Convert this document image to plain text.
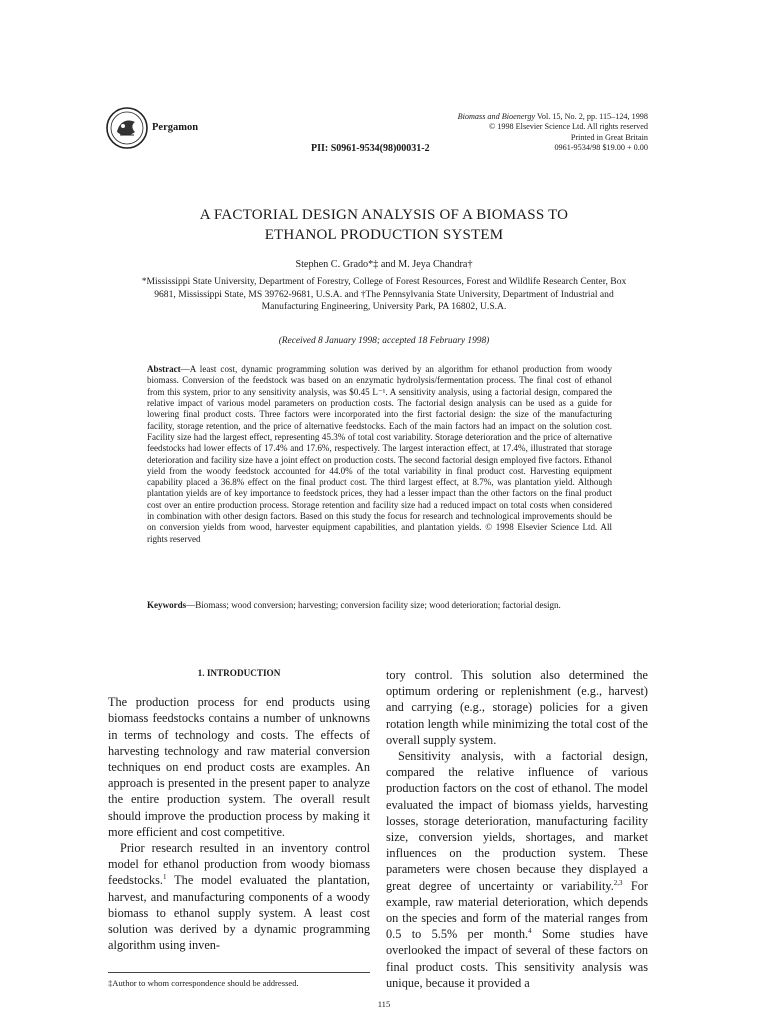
Pergamon
PII: S0961-9534(98)00031-2
Biomass and Bioenergy Vol. 15, No. 2, pp. 115–124, 1998
© 1998 Elsevier Science Ltd. All rights reserved
Printed in Great Britain
0961-9534/98 $19.00 + 0.00
A FACTORIAL DESIGN ANALYSIS OF A BIOMASS TO
ETHANOL PRODUCTION SYSTEM
Stephen C. Grado*‡ and M. Jeya Chandra†
*Mississippi State University, Department of Forestry, College of Forest Resources, Forest and Wildlife Research Center, Box 9681, Mississippi State, MS 39762-9681, U.S.A. and †The Pennsylvania State University, Department of Industrial and Manufacturing Engineering, University Park, PA 16802, U.S.A.
(Received 8 January 1998; accepted 18 February 1998)
Abstract—A least cost, dynamic programming solution was derived by an algorithm for ethanol production from woody biomass. Conversion of the feedstock was based on an enzymatic hydrolysis/fermentation process. The final cost of ethanol from this system, prior to any sensitivity analysis, was $0.45 L⁻¹. A sensitivity analysis, using a factorial design, compared the relative impact of various model parameters on production costs. The factorial design analysis can be used as a guide for lowering final product costs. Three factors were incorporated into the first factorial design: the size of the manufacturing facility, storage retention, and the price of alternative feedstocks. Each of the main factors had an impact on the solution cost. Facility size had the largest effect, representing 45.3% of total cost variability. Storage deterioration and the price of alternative feedstocks had lower effects of 17.4% and 17.6%, respectively. The largest interaction effect, at 17.4%, illustrated that storage deterioration and facility size have a joint effect on production costs. The second factorial design employed five factors. Ethanol yield from the woody feedstock accounted for 44.0% of the total variability in final product cost. Harvesting equipment capability placed a 36.8% effect on the final product cost. The third largest effect, at 8.7%, was plantation yield. Although plantation yields are of key importance to feedstock prices, they had a lesser impact than the other factors on the final product cost over an entire production process. Storage retention and facility size had a reduced impact on total costs when considered in combination with other design factors. Based on this study the focus for research and technological improvements should be on conversion yields from wood, harvester equipment capabilities, and plantation yields. © 1998 Elsevier Science Ltd. All rights reserved
Keywords—Biomass; wood conversion; harvesting; conversion facility size; wood deterioration; factorial design.

1. INTRODUCTION

The production process for end products using biomass feedstocks contains a number of unknowns in terms of technology and costs. The effects of harvesting technology and raw material conversion techniques on end product costs are examples. An approach is presented in the present paper to analyze the entire production system. The overall result should improve the production process by making it more efficient and cost competitive.

Prior research resulted in an inventory control model for ethanol production from woody biomass feedstocks.$^1$ The model evaluated the plantation, harvest, and manufacturing components of a woody biomass to ethanol supply system. A least cost solution was derived by a dynamic programming algorithm using inven-

tory control. This solution also determined the optimum ordering or replenishment (e.g., harvest) and carrying (e.g., storage) policies for a given rotation length while minimizing the total cost of the overall supply system.

Sensitivity analysis, with a factorial design, compared the relative influence of various production factors on the cost of ethanol. The model evaluated the impact of biomass yields, harvesting losses, storage deterioration, manufacturing facility size, conversion yields, shortages, and market influences on the production system. These parameters were chosen because they displayed a great degree of uncertainty or variability.$^{2,3}$ For example, raw material deterioration, which depends on the species and form of the material ranges from 0.5 to 5.5% per month.$^4$ Some studies have overlooked the impact of several of these factors on final product costs. This sensitivity analysis was unique, because it provided a

‡Author to whom correspondence should be addressed.
115
